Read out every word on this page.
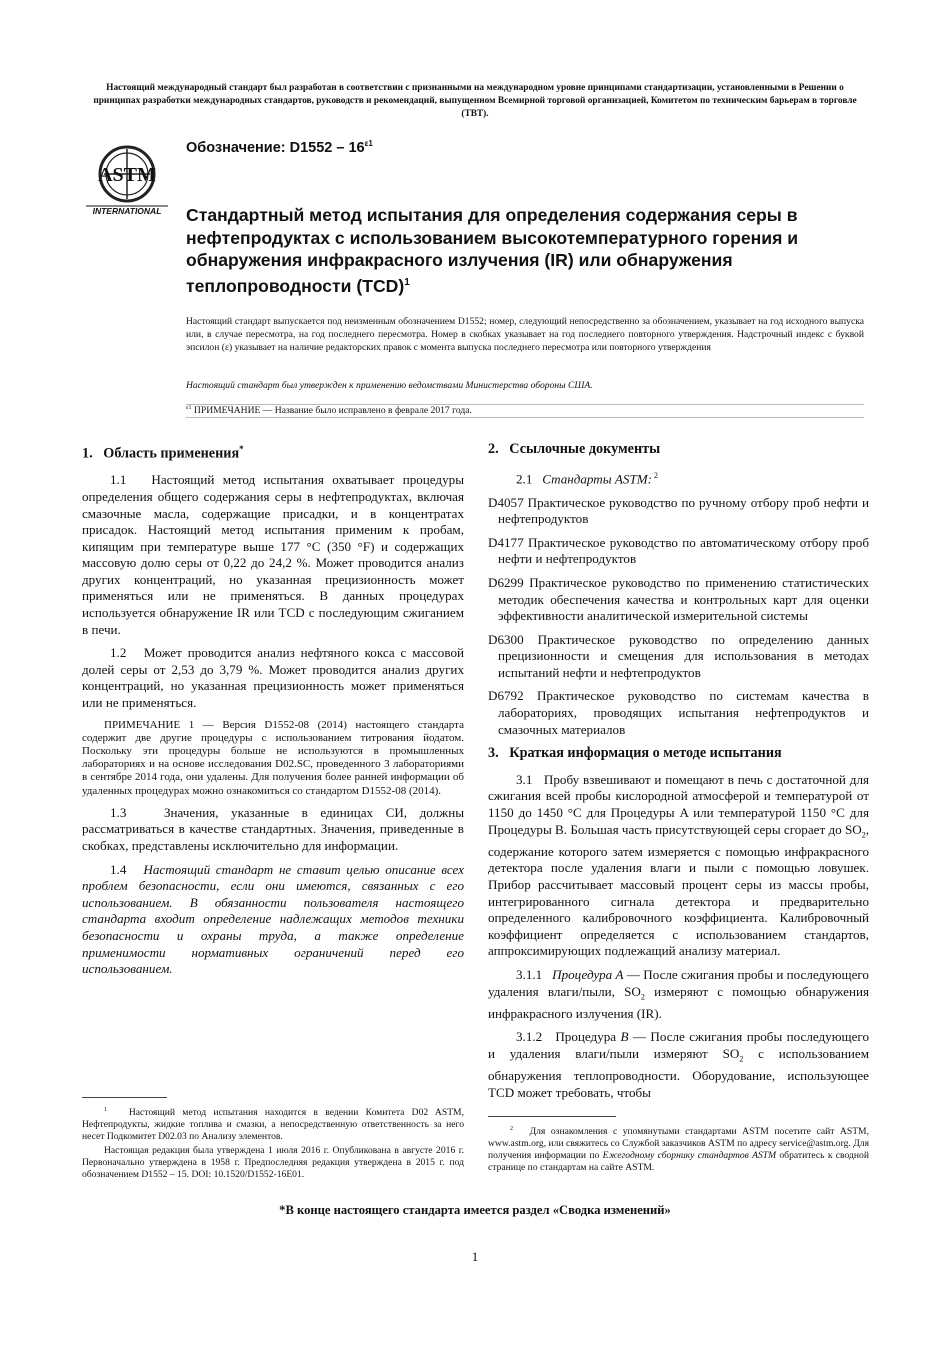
Настоящий международный стандарт был разработан в соответствии с признанными на международном уровне принципами стандартизации, установленными в Решении о принципах разработки международных стандартов, руководств и рекомендаций, выпущенном Всемирной торговой организацией, Комитетом по техническим барьерам в торговле (ТВТ).
ASTM
INTERNATIONAL
Обозначение: $D1552 - 16^{\varepsilon 1}$
Стандартный метод испытания для определения содержания серы в нефтепродуктах с использованием высокотемпературного горения и обнаружения инфракрасного излучения (IR) или обнаружения теплопроводности (TCD)$^1$
Настоящий стандарт выпускается под неизменным обозначением D1552; номер, следующий непосредственно за обозначением, указывает на год исходного выпуска или, в случае пересмотра, на год последнего пересмотра. Номер в скобках указывает на год последнего повторного утверждения. Надстрочный индекс с буквой эпсилон (ε) указывает на наличие редакторских правок с момента выпуска последнего пересмотра или повторного утверждения
Настоящий стандарт был утвержден к применению ведомствами Министерства обороны США.
$^{\varepsilon 1}$ ПРИМЕЧАНИЕ — Название было исправлено в феврале 2017 года.
1.   Область применения*

1.1   Настоящий метод испытания охватывает процедуры определения общего содержания серы в нефтепродуктах, включая смазочные масла, содержащие присадки, и в концентратах присадок. Настоящий метод испытания применим к пробам, кипящим при температуре выше 177 °C (350 °F) и содержащих массовую долю серы от 0,22 до 24,2 %. Может проводится анализ других концентраций, но указанная прецизионность может применяться или не применяться. В данных процедурах используется обнаружение IR или TCD с последующим сжиганием в печи.

1.2   Может проводится анализ нефтяного кокса с массовой долей серы от 2,53 до 3,79 %. Может проводится анализ других концентраций, но указанная прецизионность может применяться или не применяться.

ПРИМЕЧАНИЕ 1 — Версия D1552-08 (2014) настоящего стандарта содержит две другие процедуры с использованием титрования йодатом. Поскольку эти процедуры больше не используются в промышленных лабораториях и на основе исследования D02.SC, проведенного 3 лабораториями в сентябре 2014 года, они удалены. Для получения более ранней информации об удаленных процедурах можно ознакомиться со стандартом D1552-08 (2014).

1.3   Значения, указанные в единицах СИ, должны рассматриваться в качестве стандартных. Значения, приведенные в скобках, представлены исключительно для информации.

1.4   Настоящий стандарт не ставит целью описание всех проблем безопасности, если они имеются, связанных с его использованием. В обязанности пользователя настоящего стандарта входит определение надлежащих методов техники безопасности и охраны труда, а также определение применимости нормативных ограничений перед его использованием.

2.   Ссылочные документы

2.1   Стандарты ASTM: $^2$

D4057 Практическое руководство по ручному отбору проб нефти и нефтепродуктов

D4177 Практическое руководство по автоматическому отбору проб нефти и нефтепродуктов

D6299 Практическое руководство по применению статистических методик обеспечения качества и контрольных карт для оценки эффективности аналитической измерительной системы

D6300 Практическое руководство по определению данных прецизионности и смещения для использования в методах испытаний нефти и нефтепродуктов

D6792 Практическое руководство по системам качества в лабораториях, проводящих испытания нефтепродуктов и смазочных материалов

3.   Краткая информация о методе испытания

3.1   Пробу взвешивают и помещают в печь с достаточной для сжигания всей пробы кислородной атмосферой и температурой от 1150 до 1450 °C для Процедуры A или температурой 1150 °C для Процедуры B. Большая часть присутствующей серы сгорает до $SO_2$, содержание которого затем измеряется с помощью инфракрасного детектора после удаления влаги и пыли с помощью ловушек. Прибор рассчитывает массовый процент серы из массы пробы, интегрированного сигнала детектора и предварительно определенного калибровочного коэффициента. Калибровочный коэффициент определяется с использованием стандартов, аппроксимирующих подлежащий анализу материал.

3.1.1   Процедура A — После сжигания пробы и последующего удаления влаги/пыли, $SO_2$ измеряют с помощью обнаружения инфракрасного излучения (IR).

3.1.2   Процедура B — После сжигания пробы последующего и удаления влаги/пыли измеряют $SO_2$ с использованием обнаружения теплопроводности. Оборудование, использующее TCD может требовать, чтобы

$^1$ Настоящий метод испытания находится в ведении Комитета D02 ASTM, Нефтепродукты, жидкие топлива и смазки, а непосредственную ответственность за него несет Подкомитет D02.03 по Анализу элементов.

Настоящая редакция была утверждена 1 июля 2016 г. Опубликована в августе 2016 г. Первоначально утверждена в 1958 г. Предпоследняя редакция утверждена в 2015 г. под обозначением D1552 – 15. DOI: 10.1520/D1552-16E01.

$^2$ Для ознакомления с упомянутыми стандартами ASTM посетите сайт ASTM, www.astm.org, или свяжитесь со Службой заказчиков ASTM по адресу service@astm.org. Для получения информации по Ежегодному сборнику стандартов ASTM обратитесь к сводной странице по стандартам на сайте ASTM.

*В конце настоящего стандарта имеется раздел «Сводка изменений»
1
